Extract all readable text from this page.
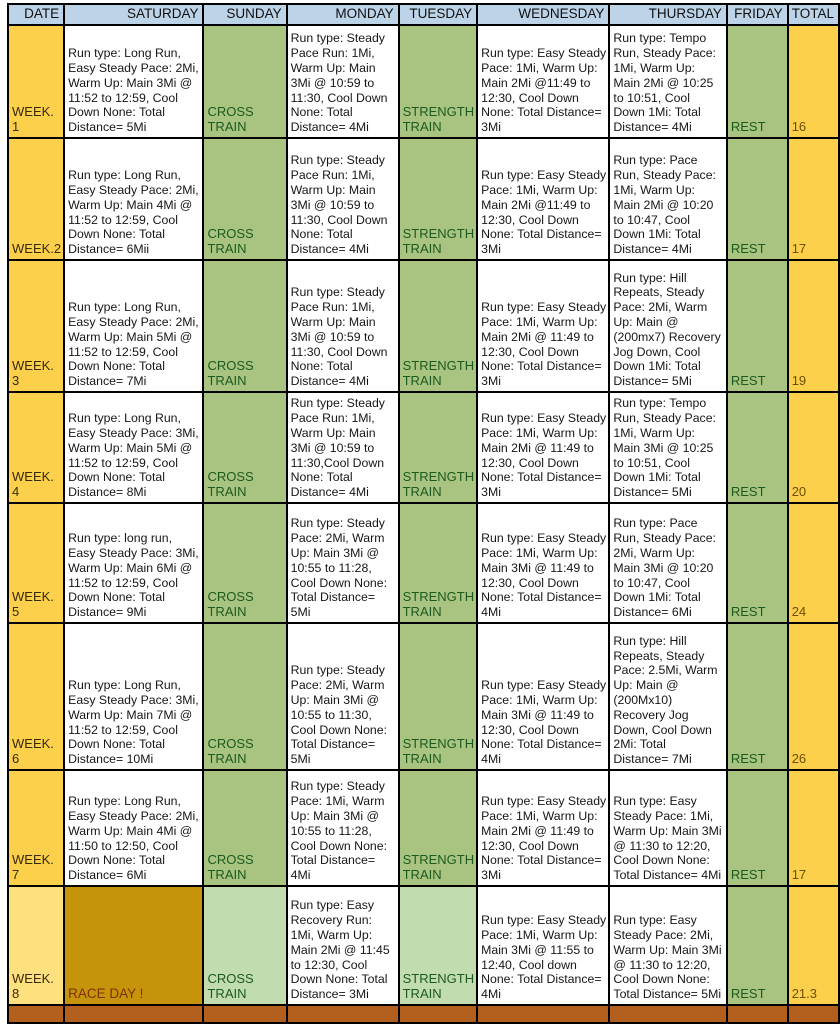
DATE	SATURDAY	SUNDAY	MONDAY	TUESDAY	WEDNESDAY	THURSDAY	FRIDAY	TOTAL
WEEK. 1	Run type: Long Run, Easy Steady Pace: 2Mi, Warm Up: Main 3Mi @ 11:52 to 12:59, Cool Down None: Total Distance= 5Mi	CROSS TRAIN	Run type: Steady Pace Run: 1Mi, Warm Up: Main 3Mi @ 10:59 to 11:30, Cool Down None: Total Distance= 4Mi	STRENGTH TRAIN	Run type: Easy Steady Pace: 1Mi, Warm Up: Main 2Mi @11:49 to 12:30, Cool Down None: Total Distance= 3Mi	Run type: Tempo Run, Steady Pace: 1Mi, Warm Up: Main 2Mi @ 10:25 to 10:51, Cool Down 1Mi: Total Distance= 4Mi	REST	16
WEEK.2	Run type: Long Run, Easy Steady Pace: 2Mi, Warm Up: Main 4Mi @ 11:52 to 12:59, Cool Down None: Total Distance= 6Mii	CROSS TRAIN	Run type: Steady Pace Run: 1Mi, Warm Up: Main 3Mi @ 10:59 to 11:30, Cool Down None: Total Distance= 4Mi	STRENGTH TRAIN	Run type: Easy Steady Pace: 1Mi, Warm Up: Main 2Mi @11:49 to 12:30, Cool Down None: Total Distance= 3Mi	Run type: Pace Run, Steady Pace: 1Mi, Warm Up: Main 2Mi @ 10:20 to 10:47, Cool Down 1Mi: Total Distance= 4Mi	REST	17
WEEK. 3	Run type: Long Run, Easy Steady Pace: 2Mi, Warm Up: Main 5Mi @ 11:52 to 12:59, Cool Down None: Total Distance= 7Mi	CROSS TRAIN	Run type: Steady Pace Run: 1Mi, Warm Up: Main 3Mi @ 10:59 to 11:30, Cool Down None: Total Distance= 4Mi	STRENGTH TRAIN	Run type: Easy Steady Pace: 1Mi, Warm Up: Main 2Mi @ 11:49 to 12:30, Cool Down None: Total Distance= 3Mi	Run type: Hill Repeats, Steady Pace: 2Mi, Warm Up: Main @ (200mx7) Recovery Jog Down, Cool Down 1Mi: Total Distance= 5Mi	REST	19
WEEK. 4	Run type: Long Run, Easy Steady Pace: 3Mi, Warm Up: Main 5Mi @ 11:52 to 12:59, Cool Down None: Total Distance= 8Mi	CROSS TRAIN	Run type: Steady Pace Run: 1Mi, Warm Up: Main 3Mi @ 10:59 to 11:30,Cool Down None: Total Distance= 4Mi	STRENGTH TRAIN	Run type: Easy Steady Pace: 1Mi, Warm Up: Main 2Mi @ 11:49 to 12:30, Cool Down None: Total Distance= 3Mi	Run type: Tempo Run, Steady Pace: 1Mi, Warm Up: Main 3Mi @ 10:25 to 10:51, Cool Down 1Mi: Total Distance= 5Mi	REST	20
WEEK. 5	Run type: long run, Easy Steady Pace: 3Mi, Warm Up: Main 6Mi @ 11:52 to 12:59, Cool Down None: Total Distance= 9Mi	CROSS TRAIN	Run type: Steady Pace: 2Mi, Warm Up: Main 3Mi @ 10:55 to 11:28, Cool Down None: Total Distance= 5Mi	STRENGTH TRAIN	Run type: Easy Steady Pace: 1Mi, Warm Up: Main 3Mi @ 11:49 to 12:30, Cool Down None: Total Distance= 4Mi	Run type: Pace Run, Steady Pace: 2Mi, Warm Up: Main 3Mi @ 10:20 to 10:47, Cool Down 1Mi: Total Distance= 6Mi	REST	24
WEEK. 6	Run type: Long Run, Easy Steady Pace: 3Mi, Warm Up: Main 7Mi @ 11:52 to 12:59, Cool Down None: Total Distance= 10Mi	CROSS TRAIN	Run type: Steady Pace: 2Mi, Warm Up: Main 3Mi @ 10:55 to 11:30, Cool Down None: Total Distance= 5Mi	STRENGTH TRAIN	Run type: Easy Steady Pace: 1Mi, Warm Up: Main 3Mi @ 11:49 to 12:30, Cool Down None: Total Distance= 4Mi	Run type: Hill Repeats, Steady Pace: 2.5Mi, Warm Up: Main @ (200Mx10) Recovery Jog Down, Cool Down 2Mi: Total Distance= 7Mi	REST	26
WEEK. 7	Run type: Long Run, Easy Steady Pace: 2Mi, Warm Up: Main 4Mi @ 11:50 to 12:50, Cool Down None: Total Distance= 6Mi	CROSS TRAIN	Run type: Steady Pace: 1Mi, Warm Up: Main 3Mi @ 10:55 to 11:28, Cool Down None: Total Distance= 4Mi	STRENGTH TRAIN	Run type: Easy Steady Pace: 1Mi, Warm Up: Main 2Mi @ 11:49 to 12:30, Cool Down None: Total Distance= 3Mi	Run type: Easy Steady Pace: 1Mi, Warm Up: Main 3Mi @ 11:30 to 12:20, Cool Down None: Total Distance= 4Mi	REST	17
WEEK. 8	RACE DAY !	CROSS TRAIN	Run type: Easy Recovery Run: 1Mi, Warm Up: Main 2Mi @ 11:45 to 12:30, Cool Down None: Total Distance= 3Mi	STRENGTH TRAIN	Run type: Easy Steady Pace: 1Mi, Warm Up: Main 3Mi @ 11:55 to 12:40, Cool down None: Total Distance= 4Mi	Run type: Easy Steady Pace: 2Mi, Warm Up: Main 3Mi @ 11:30 to 12:20, Cool Down None: Total Distance= 5Mi	REST	21.3
